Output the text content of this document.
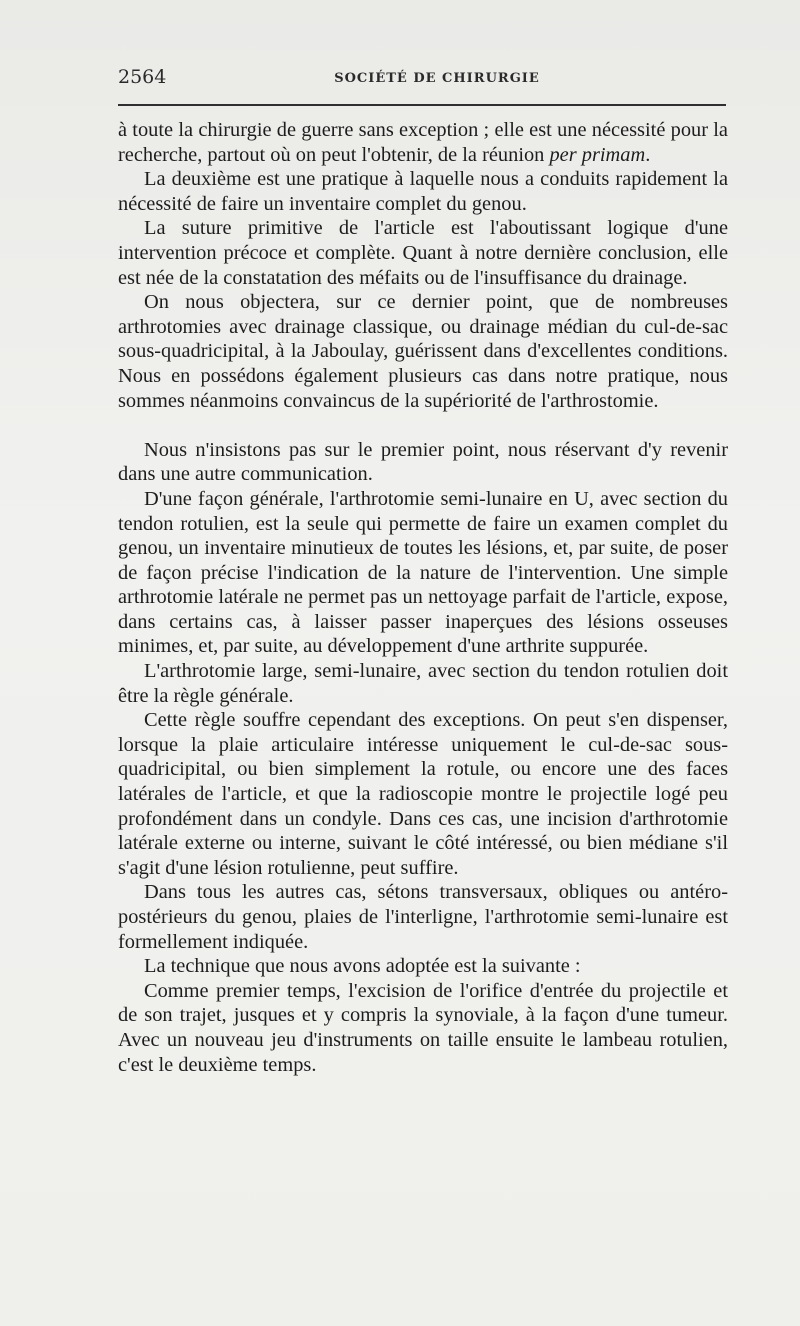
2564	SOCIÉTÉ DE CHIRURGIE

à toute la chirurgie de guerre sans exception ; elle est une nécessité pour la recherche, partout où on peut l'obtenir, de la réunion per primam.

La deuxième est une pratique à laquelle nous a conduits rapidement la nécessité de faire un inventaire complet du genou.

La suture primitive de l'article est l'aboutissant logique d'une intervention précoce et complète. Quant à notre dernière conclusion, elle est née de la constatation des méfaits ou de l'insuffisance du drainage.

On nous objectera, sur ce dernier point, que de nombreuses arthrotomies avec drainage classique, ou drainage médian du cul-de-sac sous-quadricipital, à la Jaboulay, guérissent dans d'excellentes conditions. Nous en possédons également plusieurs cas dans notre pratique, nous sommes néanmoins convaincus de la supériorité de l'arthrostomie.

Nous n'insistons pas sur le premier point, nous réservant d'y revenir dans une autre communication.

D'une façon générale, l'arthrotomie semi-lunaire en U, avec section du tendon rotulien, est la seule qui permette de faire un examen complet du genou, un inventaire minutieux de toutes les lésions, et, par suite, de poser de façon précise l'indication de la nature de l'intervention. Une simple arthrotomie latérale ne permet pas un nettoyage parfait de l'article, expose, dans certains cas, à laisser passer inaperçues des lésions osseuses minimes, et, par suite, au développement d'une arthrite suppurée.

L'arthrotomie large, semi-lunaire, avec section du tendon rotulien doit être la règle générale.

Cette règle souffre cependant des exceptions. On peut s'en dispenser, lorsque la plaie articulaire intéresse uniquement le cul-de-sac sous-quadricipital, ou bien simplement la rotule, ou encore une des faces latérales de l'article, et que la radioscopie montre le projectile logé peu profondément dans un condyle. Dans ces cas, une incision d'arthrotomie latérale externe ou interne, suivant le côté intéressé, ou bien médiane s'il s'agit d'une lésion rotulienne, peut suffire.

Dans tous les autres cas, sétons transversaux, obliques ou antéro-postérieurs du genou, plaies de l'interligne, l'arthrotomie semi-lunaire est formellement indiquée.

La technique que nous avons adoptée est la suivante :

Comme premier temps, l'excision de l'orifice d'entrée du projectile et de son trajet, jusques et y compris la synoviale, à la façon d'une tumeur. Avec un nouveau jeu d'instruments on taille ensuite le lambeau rotulien, c'est le deuxième temps.
